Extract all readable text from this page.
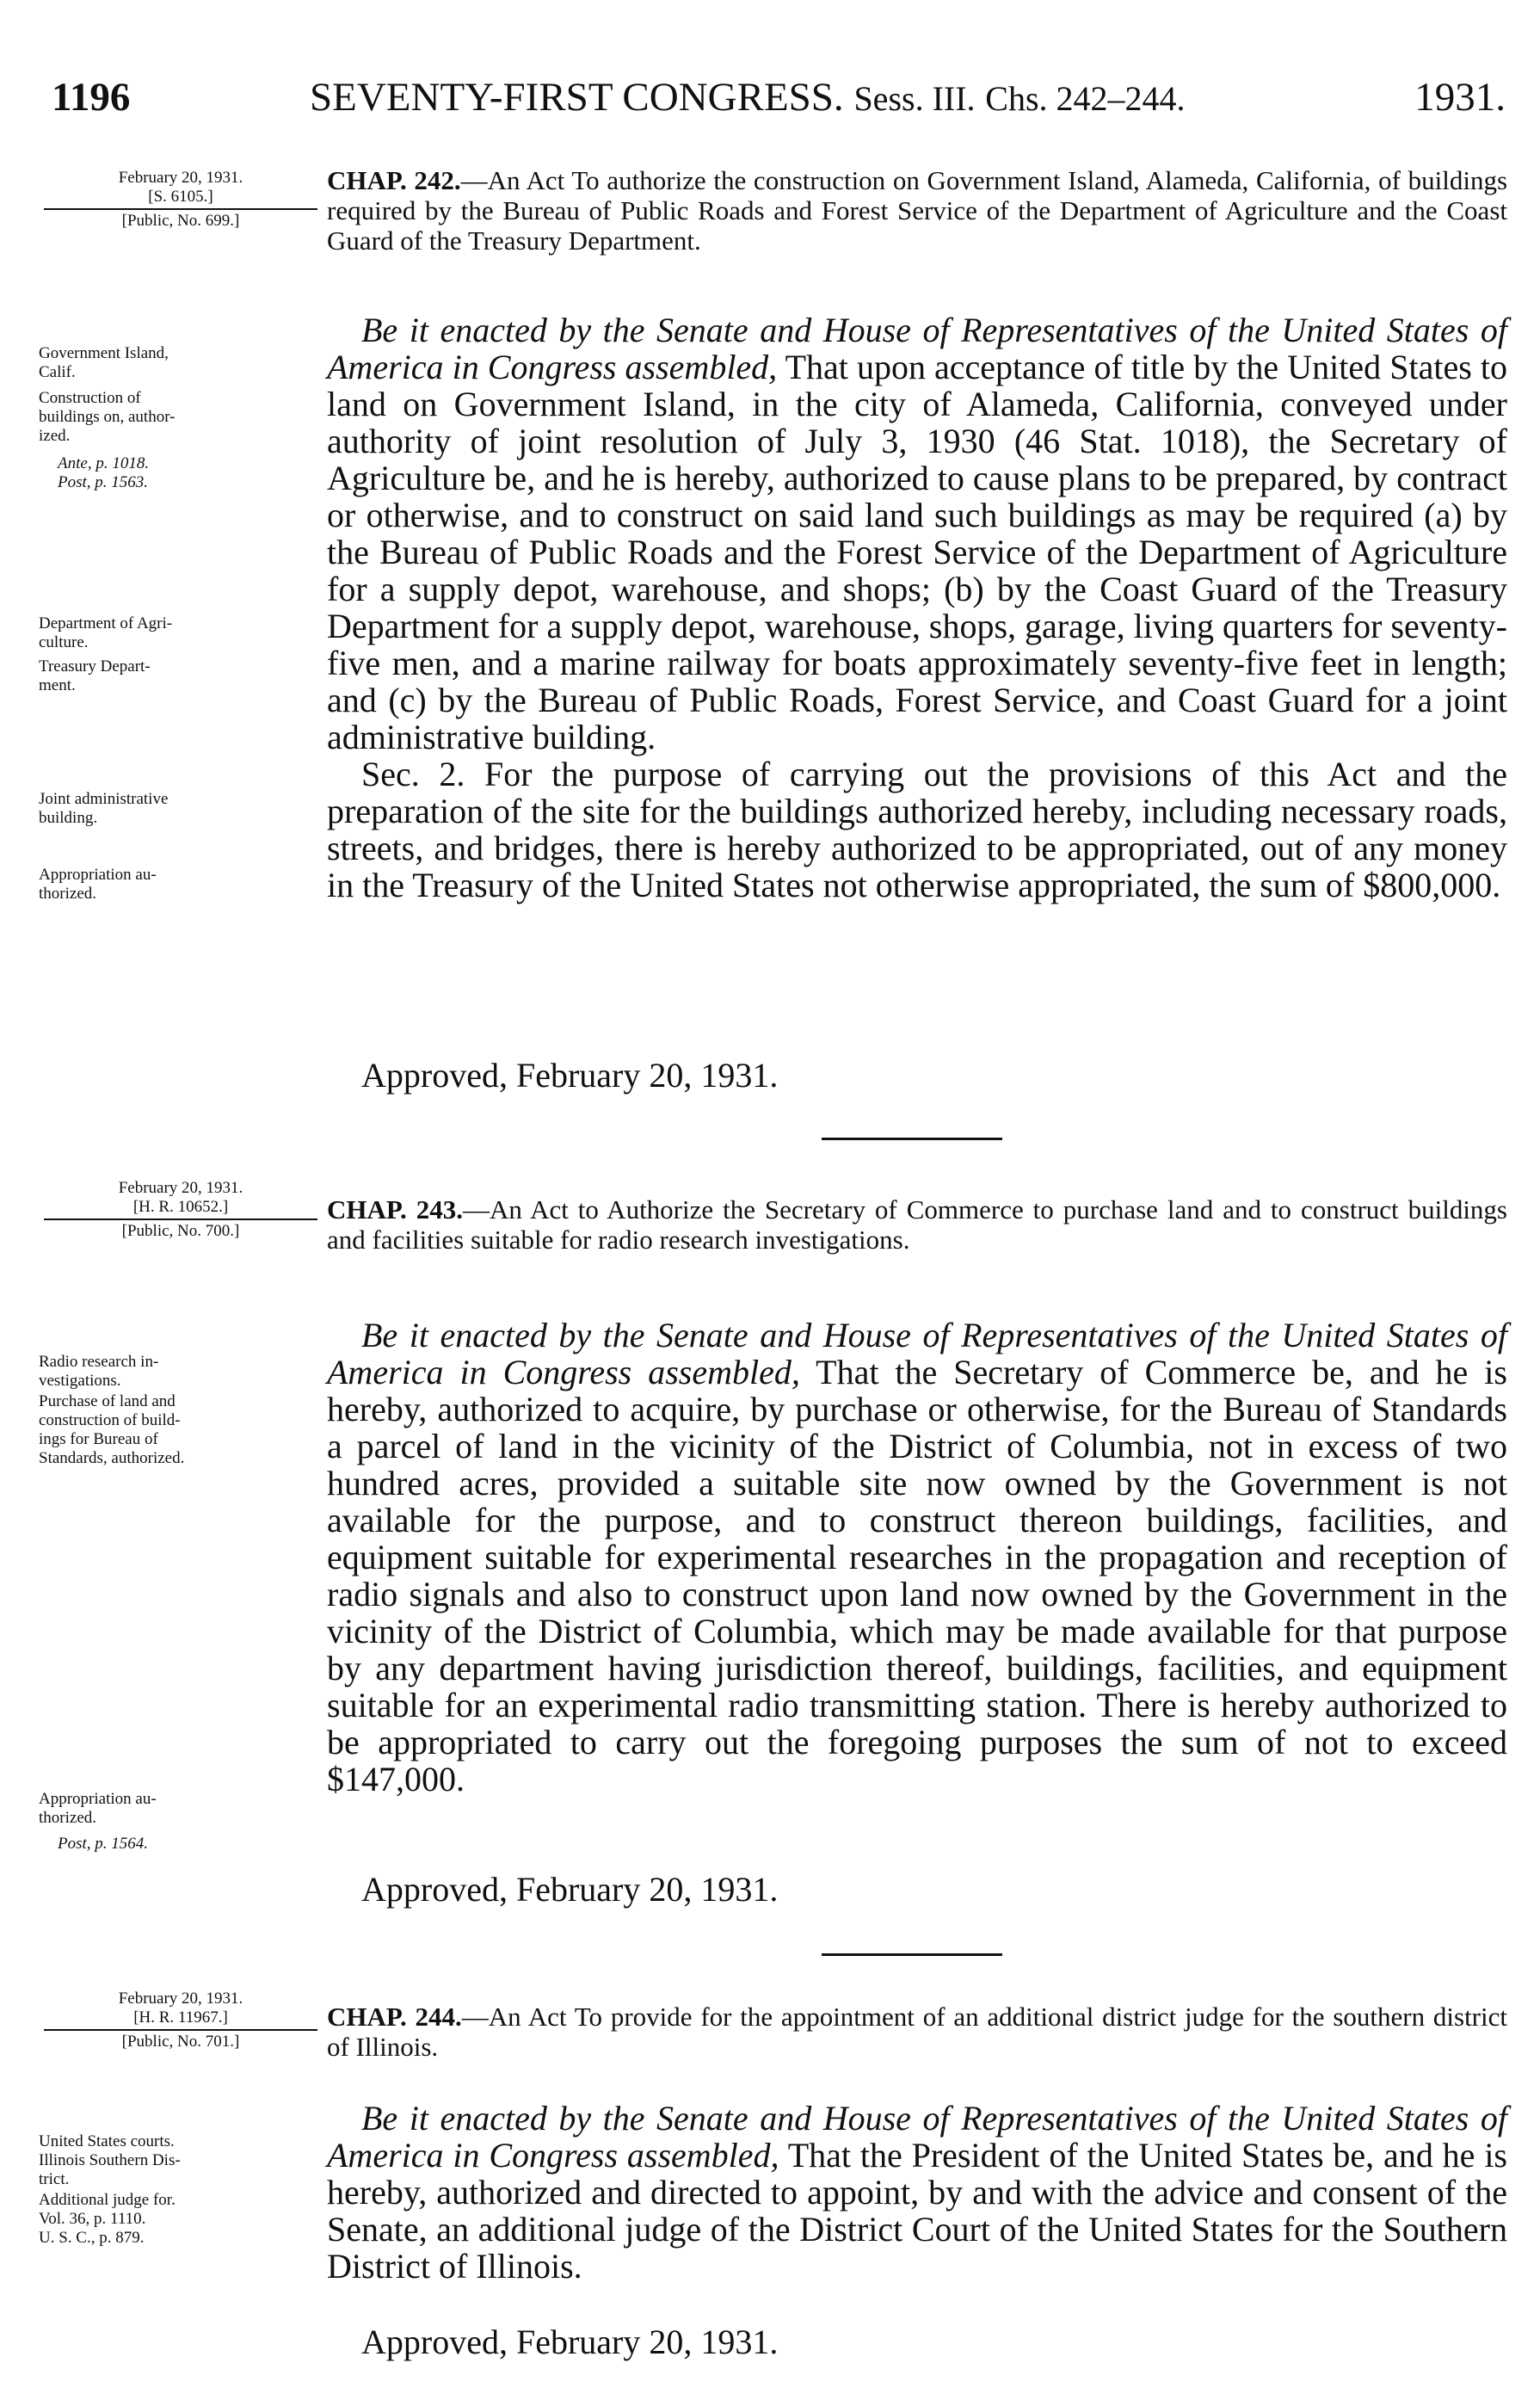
1196	SEVENTY-FIRST CONGRESS. Sess. III. Chs. 242–244.	1931.
February 20, 1931.
[S. 6105.]
[Public, No. 699.]
CHAP. 242.—An Act To authorize the construction on Government Island, Alameda, California, of buildings required by the Bureau of Public Roads and Forest Service of the Department of Agriculture and the Coast Guard of the Treasury Department.
Government Island,
Calif.
Construction of
buildings on, author-
ized.
Ante, p. 1018.
Post, p. 1563.
Department of Agri-
culture.
Treasury Depart-
ment.
Joint administrative
building.
Appropriation au-
thorized.

Be it enacted by the Senate and House of Representatives of the United States of America in Congress assembled, That upon acceptance of title by the United States to land on Government Island, in the city of Alameda, California, conveyed under authority of joint resolution of July 3, 1930 (46 Stat. 1018), the Secretary of Agriculture be, and he is hereby, authorized to cause plans to be prepared, by contract or otherwise, and to construct on said land such buildings as may be required (a) by the Bureau of Public Roads and the Forest Service of the Department of Agriculture for a supply depot, warehouse, and shops; (b) by the Coast Guard of the Treasury Department for a supply depot, warehouse, shops, garage, living quarters for seventy-five men, and a marine railway for boats approximately seventy-five feet in length; and (c) by the Bureau of Public Roads, Forest Service, and Coast Guard for a joint administrative building.

Sec. 2. For the purpose of carrying out the provisions of this Act and the preparation of the site for the buildings authorized hereby, including necessary roads, streets, and bridges, there is hereby authorized to be appropriated, out of any money in the Treasury of the United States not otherwise appropriated, the sum of $800,000.

Approved, February 20, 1931.
February 20, 1931.
[H. R. 10652.]
[Public, No. 700.]
CHAP. 243.—An Act to Authorize the Secretary of Commerce to purchase land and to construct buildings and facilities suitable for radio research investigations.
Radio research in-
vestigations.
Purchase of land and
construction of build-
ings for Bureau of
Standards, authorized.
Appropriation au-
thorized.
Post, p. 1564.

Be it enacted by the Senate and House of Representatives of the United States of America in Congress assembled, That the Secretary of Commerce be, and he is hereby, authorized to acquire, by purchase or otherwise, for the Bureau of Standards a parcel of land in the vicinity of the District of Columbia, not in excess of two hundred acres, provided a suitable site now owned by the Government is not available for the purpose, and to construct thereon buildings, facilities, and equipment suitable for experimental researches in the propagation and reception of radio signals and also to construct upon land now owned by the Government in the vicinity of the District of Columbia, which may be made available for that purpose by any department having jurisdiction thereof, buildings, facilities, and equipment suitable for an experimental radio transmitting station. There is hereby authorized to be appropriated to carry out the foregoing purposes the sum of not to exceed $147,000.

Approved, February 20, 1931.
February 20, 1931.
[H. R. 11967.]
[Public, No. 701.]
CHAP. 244.—An Act To provide for the appointment of an additional district judge for the southern district of Illinois.
United States courts.
Illinois Southern Dis-
trict.
Additional judge for.
Vol. 36, p. 1110.
U. S. C., p. 879.

Be it enacted by the Senate and House of Representatives of the United States of America in Congress assembled, That the President of the United States be, and he is hereby, authorized and directed to appoint, by and with the advice and consent of the Senate, an additional judge of the District Court of the United States for the Southern District of Illinois.

Approved, February 20, 1931.
